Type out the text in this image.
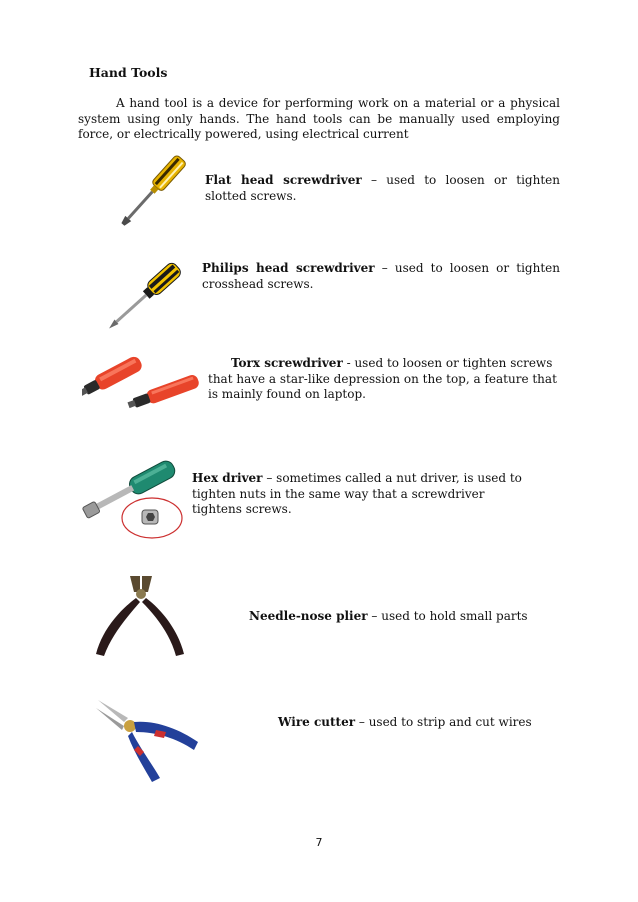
Hand Tools
A hand tool is a device for performing work on a material or a physical system using only hands. The hand tools can be manually used employing force, or electrically powered, using electrical current
Flat head screwdriver – used to loosen or tighten slotted screws.
Philips head screwdriver – used to loosen or tighten crosshead screws.
Torx screwdriver - used to loosen or tighten screws that have a star-like depression on the top, a feature that is mainly found on laptop.
Hex driver – sometimes called a nut driver, is used to tighten nuts in the same way that a screwdriver tightens screws.
Needle-nose plier – used to hold small parts
Wire cutter – used to strip and cut wires
7
